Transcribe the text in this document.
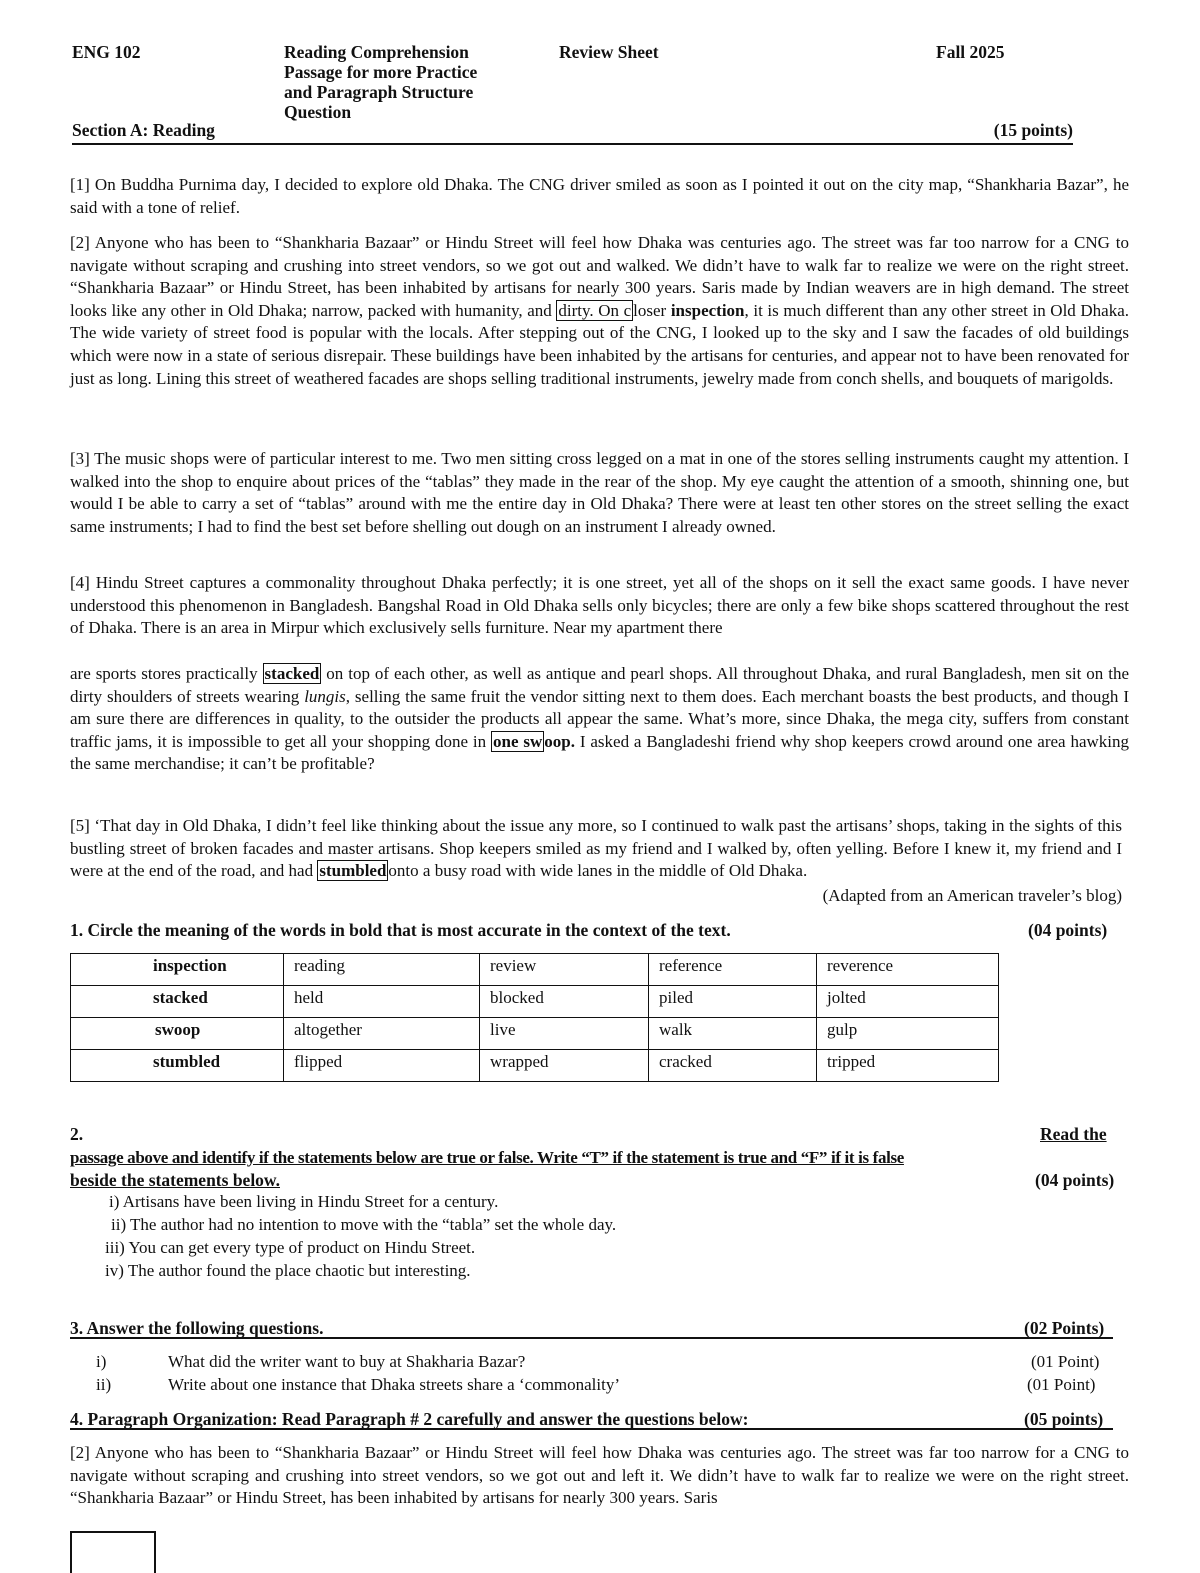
ENG 102	Reading Comprehension
Passage for more Practice
and Paragraph Structure
Question
Review Sheet	Fall 2025
Section A: Reading	(15 points)

[1] On Buddha Purnima day, I decided to explore old Dhaka. The CNG driver smiled as soon as I pointed it out on the city map, “Shankharia Bazar”, he said with a tone of relief.

[2] Anyone who has been to “Shankharia Bazaar” or Hindu Street will feel how Dhaka was centuries ago. The street was far too narrow for a CNG to navigate without scraping and crushing into street vendors, so we got out and walked. We didn’t have to walk far to realize we were on the right street. “Shankharia Bazaar” or Hindu Street, has been inhabited by artisans for nearly 300 years. Saris made by Indian weavers are in high demand. The street looks like any other in Old Dhaka; narrow, packed with humanity, and dirty. On c loser inspection, it is much different than any other street in Old Dhaka. The wide variety of street food is popular with the locals. After stepping out of the CNG, I looked up to the sky and I saw the facades of old buildings which were now in a state of serious disrepair. These buildings have been inhabited by the artisans for centuries, and appear not to have been renovated for just as long. Lining this street of weathered facades are shops selling traditional instruments, jewelry made from conch shells, and bouquets of marigolds.

[3] The music shops were of particular interest to me. Two men sitting cross legged on a mat in one of the stores selling instruments caught my attention. I walked into the shop to enquire about prices of the “tablas” they made in the rear of the shop. My eye caught the attention of a smooth, shinning one, but would I be able to carry a set of “tablas” around with me the entire day in Old Dhaka? There were at least ten other stores on the street selling the exact same instruments; I had to find the best set before shelling out dough on an instrument I already owned.

[4] Hindu Street captures a commonality throughout Dhaka perfectly; it is one street, yet all of the shops on it sell the exact same goods. I have never understood this phenomenon in Bangladesh. Bangshal Road in Old Dhaka sells only bicycles; there are only a few bike shops scattered throughout the rest of Dhaka. There is an area in Mirpur which exclusively sells furniture. Near my apartment there

are sports stores practically stacked on top of each other, as well as antique and pearl shops. All throughout Dhaka, and rural Bangladesh, men sit on the dirty shoulders of streets wearing lungis, selling the same fruit the vendor sitting next to them does. Each merchant boasts the best products, and though I am sure there are differences in quality, to the outsider the products all appear the same. What’s more, since Dhaka, the mega city, suffers from constant traffic jams, it is impossible to get all your shopping done in one sw oop. I asked a Bangladeshi friend why shop keepers crowd around one area hawking the same merchandise; it can’t be profitable?

[5] ‘That day in Old Dhaka, I didn’t feel like thinking about the issue any more, so I continued to walk past the artisans’ shops, taking in the sights of this bustling street of broken facades and master artisans. Shop keepers smiled as my friend and I walked by, often yelling. Before I knew it, my friend and I were at the end of the road, and had stumbled onto a busy road with wide lanes in the middle of Old Dhaka.

(Adapted from an American traveler’s blog)
1. Circle the meaning of the words in bold that is most accurate in the context of the text.	(04 points)
inspection	reading	review	reference	reverence
stacked	held	blocked	piled	jolted
swoop	altogether	live	walk	gulp
stumbled	flipped	wrapped	cracked	tripped
2.	Read the
passage above and identify if the statements below are true or false. Write “T” if the statement is true and “F” if it is false
beside the statements below.	(04 points)
i) Artisans have been living in Hindu Street for a century.
ii) The author had no intention to move with the “tabla” set the whole day.
iii) You can get every type of product on Hindu Street.
iv) The author found the place chaotic but interesting.
3. Answer the following questions.	(02 Points)
i)	What did the writer want to buy at Shakharia Bazar?	(01 Point)
ii)	Write about one instance that Dhaka streets share a ‘commonality’	(01 Point)
4. Paragraph Organization: Read Paragraph # 2 carefully and answer the questions below:	(05 points)

[2] Anyone who has been to “Shankharia Bazaar” or Hindu Street will feel how Dhaka was centuries ago. The street was far too narrow for a CNG to navigate without scraping and crushing into street vendors, so we got out and left it. We didn’t have to walk far to realize we were on the right street. “Shankharia Bazaar” or Hindu Street, has been inhabited by artisans for nearly 300 years. Saris
